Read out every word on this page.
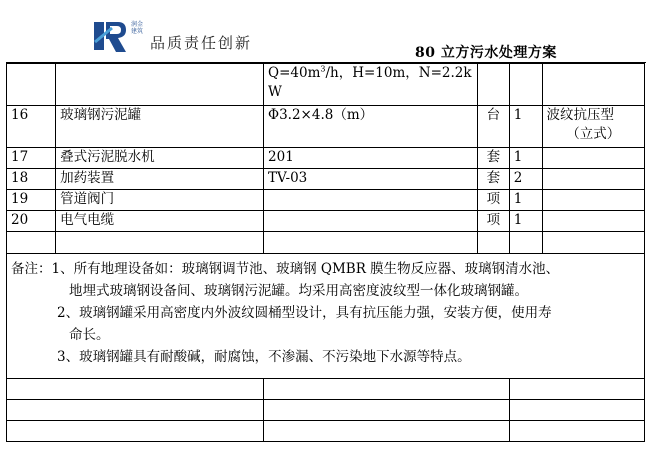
润金建筑
品质责任创新
80 立方污水处理方案
		$Q=40m^3/h$，H=10m，N=2.2k
W			
16	玻璃钢污泥罐	Φ3.2×4.8（m）	台	1	波纹抗压型
（立式）

17	叠式污泥脱水机	201	套	1	
18	加药装置	TV-03	套	2	
19	管道阀门		项	1	
20	电气电缆		项	1	

备注：1、所有地理设备如：玻璃钢调节池、玻璃钢 QMBR 膜生物反应器、玻璃钢清水池、
地埋式玻璃钢设备间、玻璃钢污泥罐。均采用高密度波纹型一体化玻璃钢罐。
2、玻璃钢罐采用高密度内外波纹圆桶型设计，具有抗压能力强，安装方便，使用寿
命长。
3、玻璃钢罐具有耐酸碱，耐腐蚀，不渗漏、不污染地下水源等特点。					
